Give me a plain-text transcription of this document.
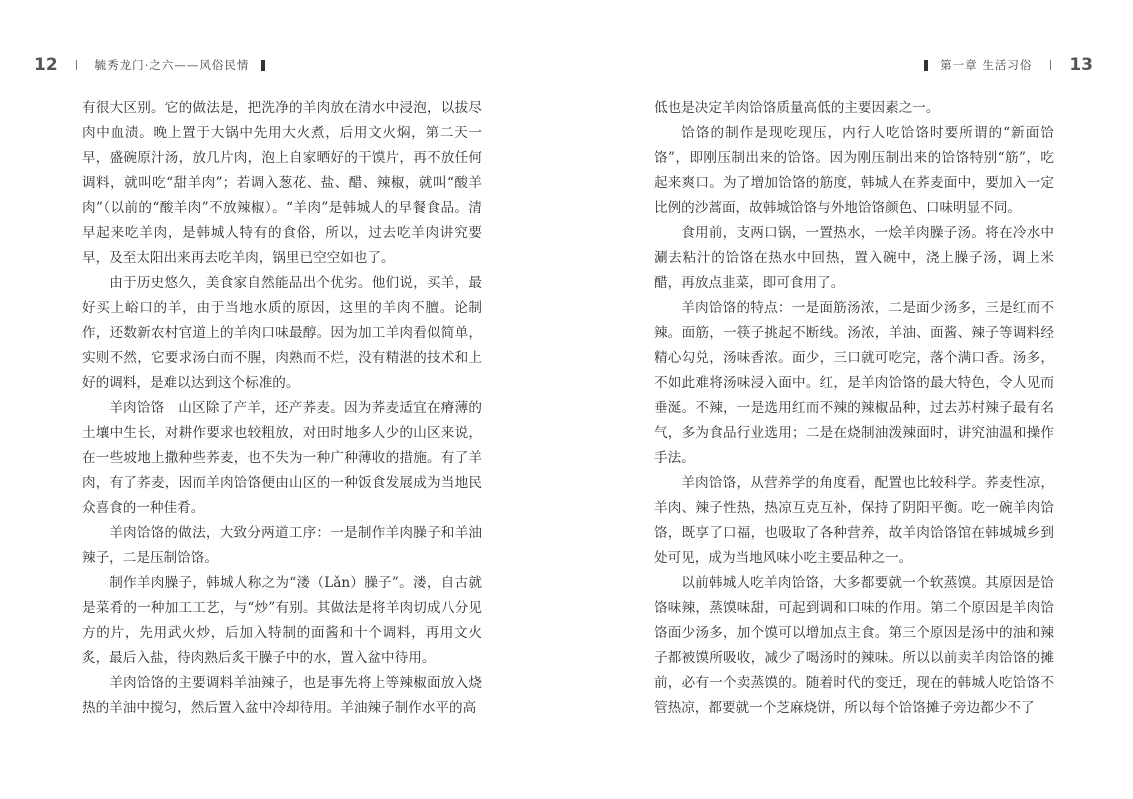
12	毓秀龙门·之六——风俗民情

有很大区别。它的做法是，把洗净的羊肉放在清水中浸泡，以拔尽肉中血渍。晚上置于大锅中先用大火煮，后用文火焖，第二天一早，盛碗原汁汤，放几片肉，泡上自家晒好的干馍片，再不放任何调料，就叫吃“甜羊肉”；若调入葱花、盐、醋、辣椒，就叫“酸羊肉”（以前的“酸羊肉”不放辣椒）。“羊肉”是韩城人的早餐食品。清早起来吃羊肉，是韩城人特有的食俗，所以，过去吃羊肉讲究要早，及至太阳出来再去吃羊肉，锅里已空空如也了。

由于历史悠久，美食家自然能品出个优劣。他们说，买羊，最好买上峪口的羊，由于当地水质的原因，这里的羊肉不膻。论制作，还数新农村官道上的羊肉口味最醇。因为加工羊肉看似简单，实则不然，它要求汤白而不腥，肉熟而不烂，没有精湛的技术和上好的调料，是难以达到这个标准的。

羊肉饸饹　山区除了产羊，还产荞麦。因为荞麦适宜在瘠薄的土壤中生长，对耕作要求也较粗放，对田时地多人少的山区来说，在一些坡地上撒种些荞麦，也不失为一种广种薄收的措施。有了羊肉，有了荞麦，因而羊肉饸饹便由山区的一种饭食发展成为当地民众喜食的一种佳肴。

羊肉饸饹的做法，大致分两道工序：一是制作羊肉臊子和羊油辣子，二是压制饸饹。

制作羊肉臊子，韩城人称之为“溇（Lǎn）臊子”。溇，自古就是菜肴的一种加工工艺，与“炒”有别。其做法是将羊肉切成八分见方的片，先用武火炒，后加入特制的面酱和十个调料，再用文火炙，最后入盐，待肉熟后炙干臊子中的水，置入盆中待用。

羊肉饸饹的主要调料羊油辣子，也是事先将上等辣椒面放入烧热的羊油中搅匀，然后置入盆中冷却待用。羊油辣子制作水平的高

第一章 生活习俗 13

低也是决定羊肉饸饹质量高低的主要因素之一。

饸饹的制作是现吃现压，内行人吃饸饹时要所谓的“新面饸饹”，即刚压制出来的饸饹。因为刚压制出来的饸饹特别“筋”，吃起来爽口。为了增加饸饹的筋度，韩城人在荞麦面中，要加入一定比例的沙蒿面，故韩城饸饹与外地饸饹颜色、口味明显不同。

食用前，支两口锅，一置热水，一烩羊肉臊子汤。将在冷水中涮去粘汁的饸饹在热水中回热，置入碗中，浇上臊子汤，调上米醋，再放点韭菜，即可食用了。

羊肉饸饹的特点：一是面筋汤浓，二是面少汤多，三是红而不辣。面筋，一筷子挑起不断线。汤浓，羊油、面酱、辣子等调料经精心勾兑，汤味香浓。面少，三口就可吃完，落个满口香。汤多，不如此难将汤味浸入面中。红，是羊肉饸饹的最大特色，令人见而垂涎。不辣，一是选用红而不辣的辣椒品种，过去苏村辣子最有名气，多为食品行业选用；二是在烧制油泼辣面时，讲究油温和操作手法。

羊肉饸饹，从营养学的角度看，配置也比较科学。荞麦性凉，羊肉、辣子性热，热凉互克互补，保持了阴阳平衡。吃一碗羊肉饸饹，既享了口福，也吸取了各种营养，故羊肉饸饹馆在韩城城乡到处可见，成为当地风味小吃主要品种之一。

以前韩城人吃羊肉饸饹，大多都要就一个软蒸馍。其原因是饸饹味辣，蒸馍味甜，可起到调和口味的作用。第二个原因是羊肉饸饹面少汤多，加个馍可以增加点主食。第三个原因是汤中的油和辣子都被馍所吸收，减少了喝汤时的辣味。所以以前卖羊肉饸饹的摊前，必有一个卖蒸馍的。随着时代的变迁，现在的韩城人吃饸饹不管热凉，都要就一个芝麻烧饼，所以每个饸饹摊子旁边都少不了
